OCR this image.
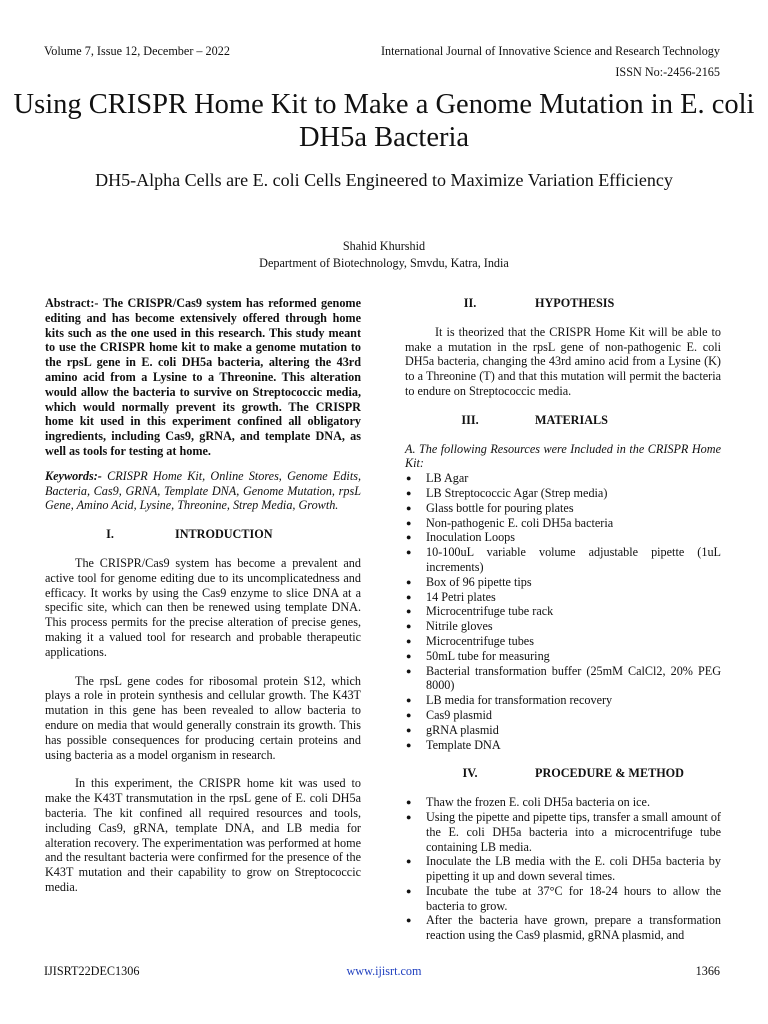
Volume 7, Issue 12, December – 2022	International Journal of Innovative Science and Research Technology
ISSN No:-2456-2165
Using CRISPR Home Kit to Make a Genome Mutation in E. coli DH5a Bacteria
DH5-Alpha Cells are E. coli Cells Engineered to Maximize Variation Efficiency
Shahid Khurshid
Department of Biotechnology, Smvdu, Katra, India

Abstract:- The CRISPR/Cas9 system has reformed genome editing and has become extensively offered through home kits such as the one used in this research. This study meant to use the CRISPR home kit to make a genome mutation to the rpsL gene in E. coli DH5a bacteria, altering the 43rd amino acid from a Lysine to a Threonine. This alteration would allow the bacteria to survive on Streptococcic media, which would normally prevent its growth. The CRISPR home kit used in this experiment confined all obligatory ingredients, including Cas9, gRNA, and template DNA, as well as tools for testing at home.

Keywords:- CRISPR Home Kit, Online Stores, Genome Edits, Bacteria, Cas9, GRNA, Template DNA, Genome Mutation, rpsL Gene, Amino Acid, Lysine, Threonine, Strep Media, Growth.

I.	INTRODUCTION

The CRISPR/Cas9 system has become a prevalent and active tool for genome editing due to its uncomplicatedness and efficacy. It works by using the Cas9 enzyme to slice DNA at a specific site, which can then be renewed using template DNA. This process permits for the precise alteration of precise genes, making it a valued tool for research and probable therapeutic applications.

The rpsL gene codes for ribosomal protein S12, which plays a role in protein synthesis and cellular growth. The K43T mutation in this gene has been revealed to allow bacteria to endure on media that would generally constrain its growth. This has possible consequences for producing certain proteins and using bacteria as a model organism in research.

In this experiment, the CRISPR home kit was used to make the K43T transmutation in the rpsL gene of E. coli DH5a bacteria. The kit confined all required resources and tools, including Cas9, gRNA, template DNA, and LB media for alteration recovery. The experimentation was performed at home and the resultant bacteria were confirmed for the presence of the K43T mutation and their capability to grow on Streptococcic media.

II.	HYPOTHESIS

It is theorized that the CRISPR Home Kit will be able to make a mutation in the rpsL gene of non-pathogenic E. coli DH5a bacteria, changing the 43rd amino acid from a Lysine (K) to a Threonine (T) and that this mutation will permit the bacteria to endure on Streptococcic media.

III.	MATERIALS

A. The following Resources were Included in the CRISPR Home Kit:

● LB Agar
● LB Streptococcic Agar (Strep media)
● Glass bottle for pouring plates
● Non-pathogenic E. coli DH5a bacteria
● Inoculation Loops
● 10-100uL variable volume adjustable pipette (1uL increments)
● Box of 96 pipette tips
● 14 Petri plates
● Microcentrifuge tube rack
● Nitrile gloves
● Microcentrifuge tubes
● 50mL tube for measuring
● Bacterial transformation buffer (25mM CalCl2, 20% PEG 8000)
● LB media for transformation recovery
● Cas9 plasmid
● gRNA plasmid
● Template DNA
IV.	PROCEDURE & METHOD
● Thaw the frozen E. coli DH5a bacteria on ice.
● Using the pipette and pipette tips, transfer a small amount of the E. coli DH5a bacteria into a microcentrifuge tube containing LB media.
● Inoculate the LB media with the E. coli DH5a bacteria by pipetting it up and down several times.
● Incubate the tube at 37°C for 18-24 hours to allow the bacteria to grow.
● After the bacteria have grown, prepare a transformation reaction using the Cas9 plasmid, gRNA plasmid, and
IJISRT22DEC1306	www.ijisrt.com	1366
